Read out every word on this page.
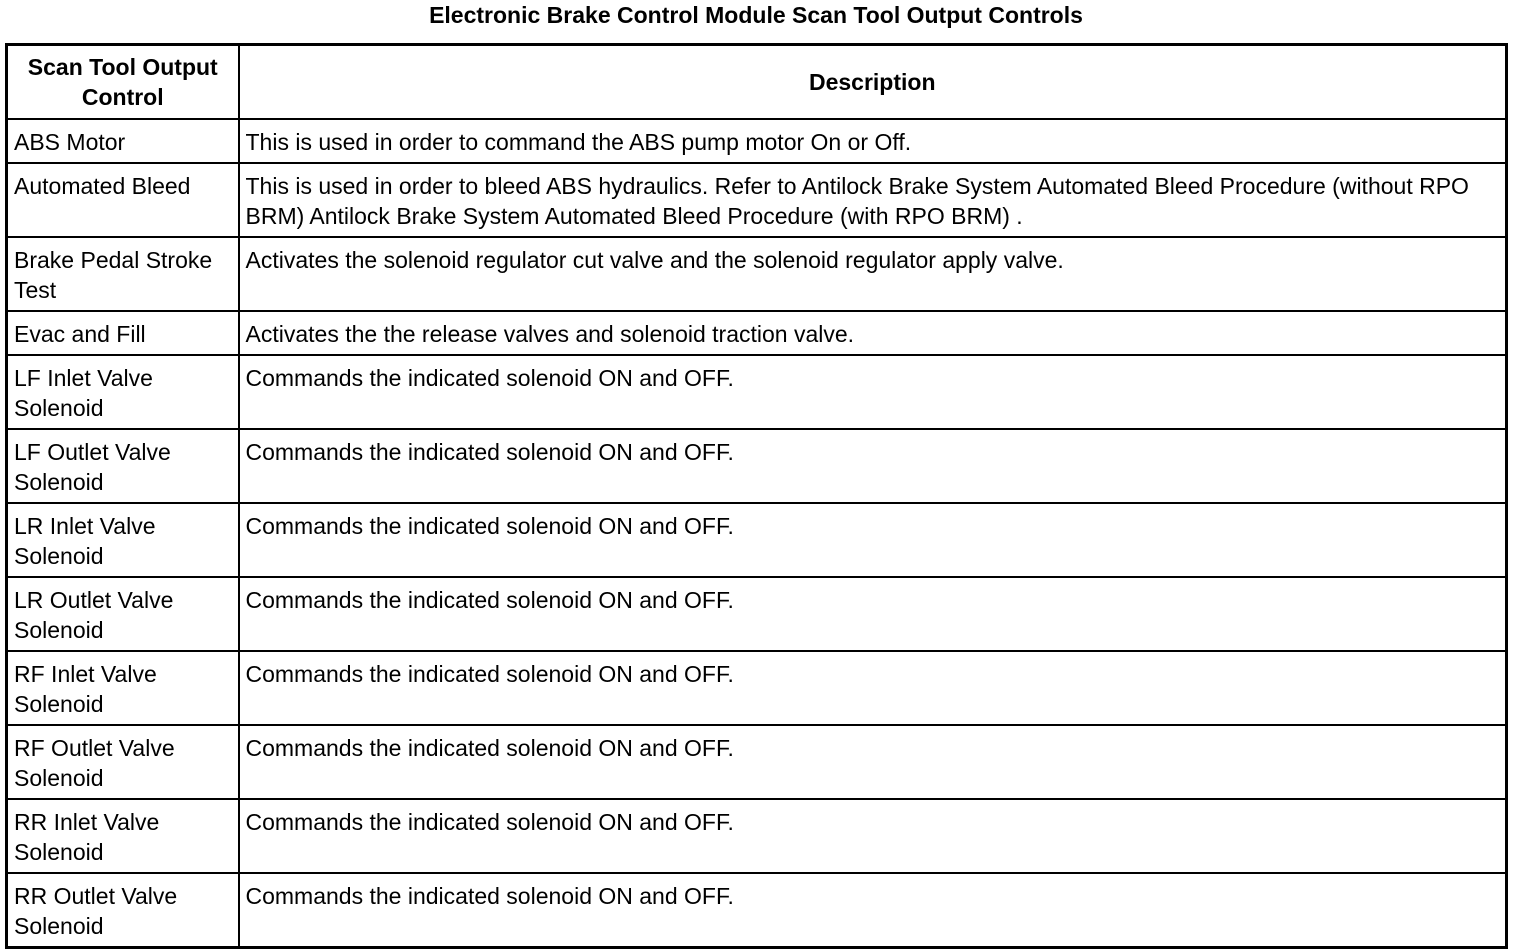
Electronic Brake Control Module Scan Tool Output Controls
Scan Tool Output Control	Description
ABS Motor	This is used in order to command the ABS pump motor On or Off.
Automated Bleed	This is used in order to bleed ABS hydraulics. Refer to Antilock Brake System Automated Bleed Procedure (without RPO BRM) Antilock Brake System Automated Bleed Procedure (with RPO BRM) .
Brake Pedal Stroke Test	Activates the solenoid regulator cut valve and the solenoid regulator apply valve.
Evac and Fill	Activates the the release valves and solenoid traction valve.
LF Inlet Valve Solenoid	Commands the indicated solenoid ON and OFF.
LF Outlet Valve Solenoid	Commands the indicated solenoid ON and OFF.
LR Inlet Valve Solenoid	Commands the indicated solenoid ON and OFF.
LR Outlet Valve Solenoid	Commands the indicated solenoid ON and OFF.
RF Inlet Valve Solenoid	Commands the indicated solenoid ON and OFF.
RF Outlet Valve Solenoid	Commands the indicated solenoid ON and OFF.
RR Inlet Valve Solenoid	Commands the indicated solenoid ON and OFF.
RR Outlet Valve Solenoid	Commands the indicated solenoid ON and OFF.
